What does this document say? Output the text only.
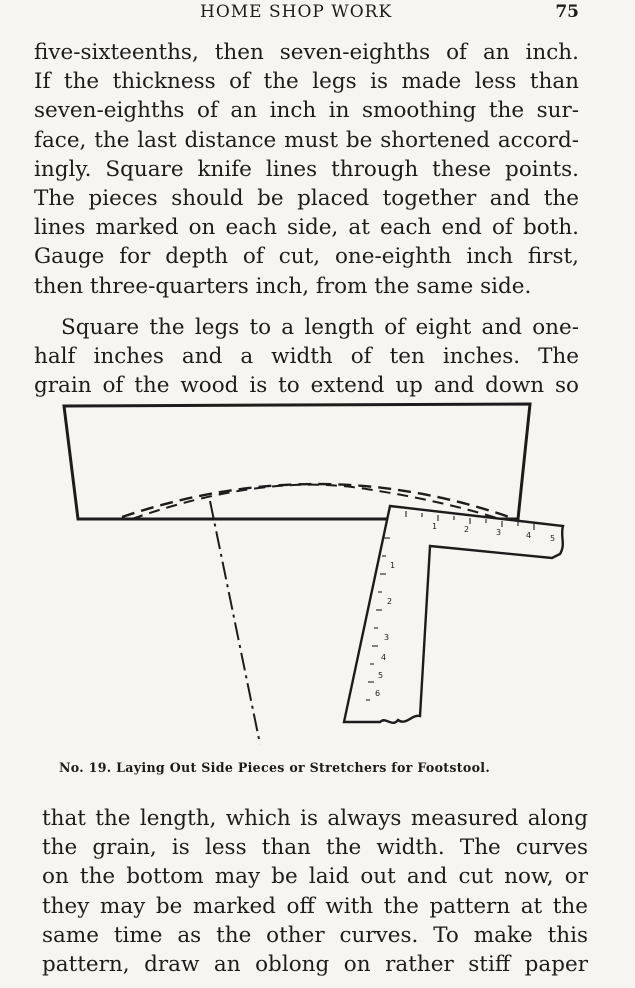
HOME SHOP WORK	75

five-sixteenths, then seven-eighths of an inch.
If the thickness of the legs is made less than
seven-eighths of an inch in smoothing the sur-
face, the last distance must be shortened accord-
ingly. Square knife lines through these points.
The pieces should be placed together and the
lines marked on each side, at each end of both.
Gauge for depth of cut, one-eighth inch first,
then three-quarters inch, from the same side.

Square the legs to a length of eight and one-
half inches and a width of ten inches. The
grain of the wood is to extend up and down so

1	2	3	4 5
1
2
3
4
5
6
No. 19. Laying Out Side Pieces or Stretchers for Footstool.

that the length, which is always measured along
the grain, is less than the width. The curves
on the bottom may be laid out and cut now, or
they may be marked off with the pattern at the
same time as the other curves. To make this
pattern, draw an oblong on rather stiff paper
